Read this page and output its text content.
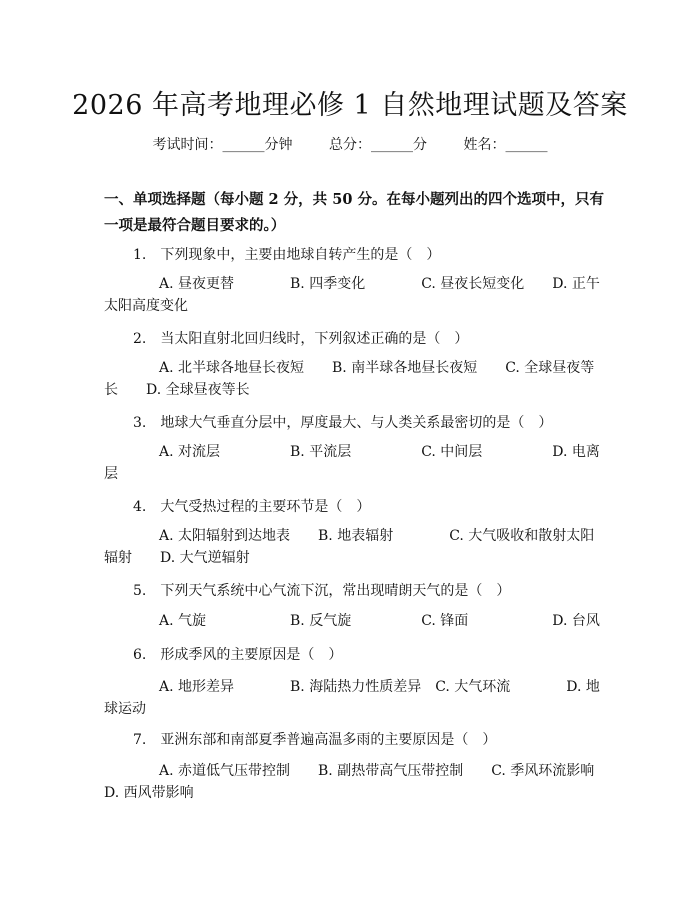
2026 年高考地理必修 1 自然地理试题及答案
考试时间：______分钟	总分：______分	姓名：______
一、单项选择题（每小题 2 分，共 50 分。在每小题列出的四个选项中，只有一项是最符合题目要求的。）
1.　下列现象中，主要由地球自转产生的是（　）
A. 昼夜更替　　　　B. 四季变化　　　　C. 昼夜长短变化　　D. 正午太阳高度变化
2.　当太阳直射北回归线时，下列叙述正确的是（　）
A. 北半球各地昼长夜短　　B. 南半球各地昼长夜短　　C. 全球昼夜等长　　D. 全球昼夜等长
3.　地球大气垂直分层中，厚度最大、与人类关系最密切的是（　）
A. 对流层　　　　　B. 平流层　　　　　C. 中间层　　　　　D. 电离层
4.　大气受热过程的主要环节是（　）
A. 太阳辐射到达地表　　B. 地表辐射　　　　C. 大气吸收和散射太阳辐射　　D. 大气逆辐射
5.　下列天气系统中心气流下沉，常出现晴朗天气的是（　）
A. 气旋　　　　　　B. 反气旋　　　　　C. 锋面　　　　　　D. 台风
6.　形成季风的主要原因是（　）
A. 地形差异　　　　B. 海陆热力性质差异　C. 大气环流　　　　D. 地球运动
7.　亚洲东部和南部夏季普遍高温多雨的主要原因是（　）
A. 赤道低气压带控制　　B. 副热带高气压带控制　　C. 季风环流影响　　D. 西风带影响
